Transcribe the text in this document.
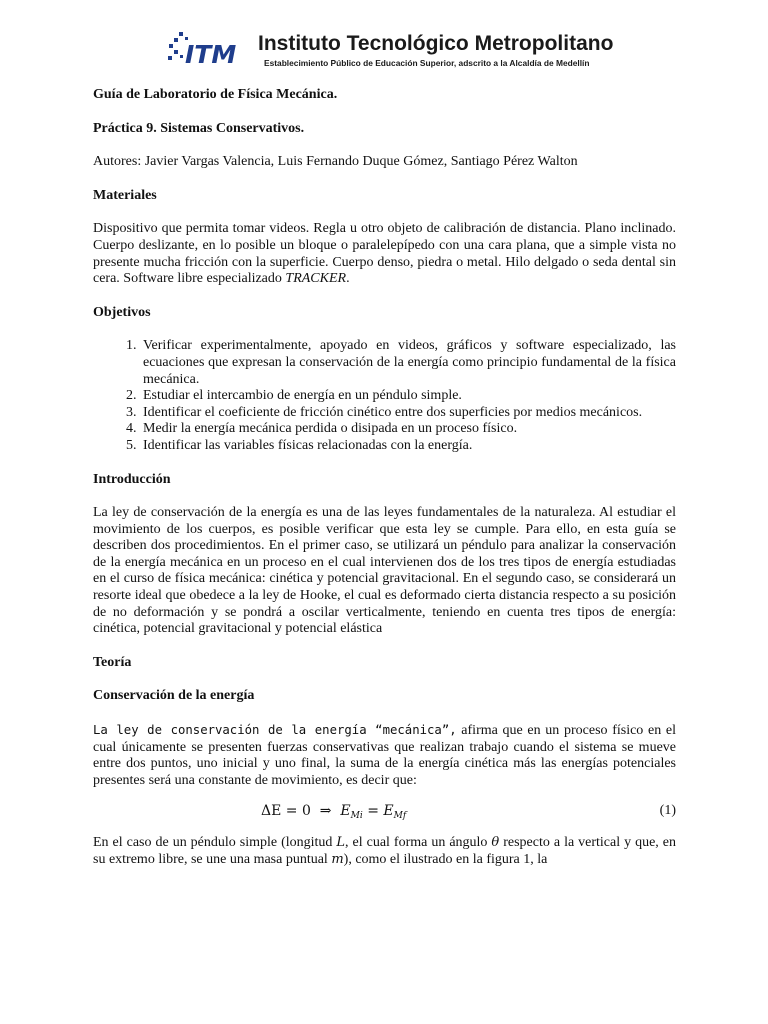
ITM Instituto Tecnológico Metropolitano
Establecimiento Público de Educación Superior, adscrito a la Alcaldía de Medellín

Guía de Laboratorio de Física Mecánica.

Práctica 9. Sistemas Conservativos.

Autores: Javier Vargas Valencia, Luis Fernando Duque Gómez, Santiago Pérez Walton

Materiales

Dispositivo que permita tomar videos. Regla u otro objeto de calibración de distancia. Plano inclinado. Cuerpo deslizante, en lo posible un bloque o paralelepípedo con una cara plana, que a simple vista no presente mucha fricción con la superficie. Cuerpo denso, piedra o metal. Hilo delgado o seda dental sin cera. Software libre especializado TRACKER.

Objetivos

1. Verificar experimentalmente, apoyado en videos, gráficos y software especializado, las ecuaciones que expresan la conservación de la energía como principio fundamental de la física mecánica.
2. Estudiar el intercambio de energía en un péndulo simple.
3. Identificar el coeficiente de fricción cinético entre dos superficies por medios mecánicos.
4. Medir la energía mecánica perdida o disipada en un proceso físico.
5. Identificar las variables físicas relacionadas con la energía.

Introducción

La ley de conservación de la energía es una de las leyes fundamentales de la naturaleza. Al estudiar el movimiento de los cuerpos, es posible verificar que esta ley se cumple. Para ello, en esta guía se describen dos procedimientos. En el primer caso, se utilizará un péndulo para analizar la conservación de la energía mecánica en un proceso en el cual intervienen dos de los tres tipos de energía estudiadas en el curso de física mecánica: cinética y potencial gravitacional. En el segundo caso, se considerará un resorte ideal que obedece a la ley de Hooke, el cual es deformado cierta distancia respecto a su posición de no deformación y se pondrá a oscilar verticalmente, teniendo en cuenta tres tipos de energía: cinética, potencial gravitacional y potencial elástica

Teoría

Conservación de la energía

La ley de conservación de la energía “mecánica”, afirma que en un proceso físico en el cual únicamente se presenten fuerzas conservativas que realizan trabajo cuando el sistema se mueve entre dos puntos, uno inicial y uno final, la suma de la energía cinética más las energías potenciales presentes será una constante de movimiento, es decir que:

ΔE = 0 ⇒ $E_{Mi} = E_{Mf}$	(1)

En el caso de un péndulo simple (longitud L, el cual forma un ángulo θ respecto a la vertical y que, en su extremo libre, se une una masa puntual m), como el ilustrado en la figura 1, la
